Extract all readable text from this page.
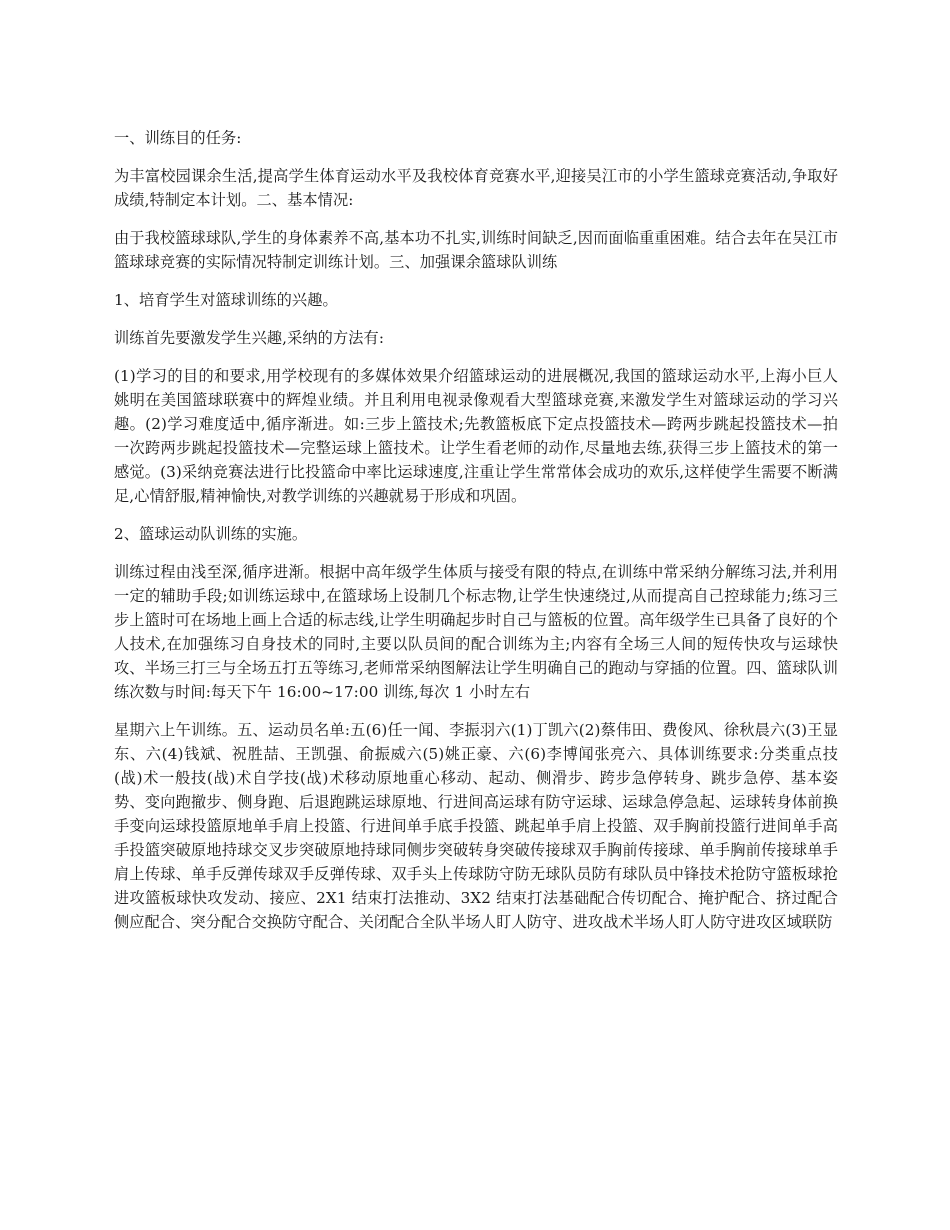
一、训练目的任务:

为丰富校园课余生活,提高学生体育运动水平及我校体育竞赛水平,迎接吴江市的小学生篮球竞赛活动,争取好成绩,特制定本计划。二、基本情况:

由于我校篮球球队,学生的身体素养不高,基本功不扎实,训练时间缺乏,因而面临重重困难。结合去年在吴江市篮球球竞赛的实际情况特制定训练计划。三、加强课余篮球队训练

1、培育学生对篮球训练的兴趣。

训练首先要激发学生兴趣,采纳的方法有:

(1)学习的目的和要求,用学校现有的多媒体效果介绍篮球运动的进展概况,我国的篮球运动水平,上海小巨人姚明在美国篮球联赛中的辉煌业绩。并且利用电视录像观看大型篮球竞赛,来激发学生对篮球运动的学习兴趣。(2)学习难度适中,循序渐进。如:三步上篮技术;先教篮板底下定点投篮技术—跨两步跳起投篮技术—拍一次跨两步跳起投篮技术—完整运球上篮技术。让学生看老师的动作,尽量地去练,获得三步上篮技术的第一感觉。(3)采纳竞赛法进行比投篮命中率比运球速度,注重让学生常常体会成功的欢乐,这样使学生需要不断满足,心情舒服,精神愉快,对教学训练的兴趣就易于形成和巩固。

2、篮球运动队训练的实施。

训练过程由浅至深,循序进渐。根据中高年级学生体质与接受有限的特点,在训练中常采纳分解练习法,并利用一定的辅助手段;如训练运球中,在篮球场上设制几个标志物,让学生快速绕过,从而提高自己控球能力;练习三步上篮时可在场地上画上合适的标志线,让学生明确起步时自己与篮板的位置。高年级学生已具备了良好的个人技术,在加强练习自身技术的同时,主要以队员间的配合训练为主;内容有全场三人间的短传快攻与运球快攻、半场三打三与全场五打五等练习,老师常采纳图解法让学生明确自己的跑动与穿插的位置。四、篮球队训练次数与时间:每天下午 16:00~17:00 训练,每次 1 小时左右

星期六上午训练。五、运动员名单:五(6)任一闻、李振羽六(1)丁凯六(2)蔡伟田、费俊风、徐秋晨六(3)王显东、六(4)钱斌、祝胜喆、王凯强、俞振威六(5)姚正豪、六(6)李博闻张亮六、具体训练要求:分类重点技(战)术一般技(战)术自学技(战)术移动原地重心移动、起动、侧滑步、跨步急停转身、跳步急停、基本姿势、变向跑撤步、侧身跑、后退跑跳运球原地、行进间高运球有防守运球、运球急停急起、运球转身体前换手变向运球投篮原地单手肩上投篮、行进间单手底手投篮、跳起单手肩上投篮、双手胸前投篮行进间单手高手投篮突破原地持球交叉步突破原地持球同侧步突破转身突破传接球双手胸前传接球、单手胸前传接球单手肩上传球、单手反弹传球双手反弹传球、双手头上传球防守防无球队员防有球队员中锋技术抢防守篮板球抢进攻篮板球快攻发动、接应、2X1 结束打法推动、3X2 结束打法基础配合传切配合、掩护配合、挤过配合侧应配合、突分配合交换防守配合、关闭配合全队半场人盯人防守、进攻战术半场人盯人防守进攻区域联防
